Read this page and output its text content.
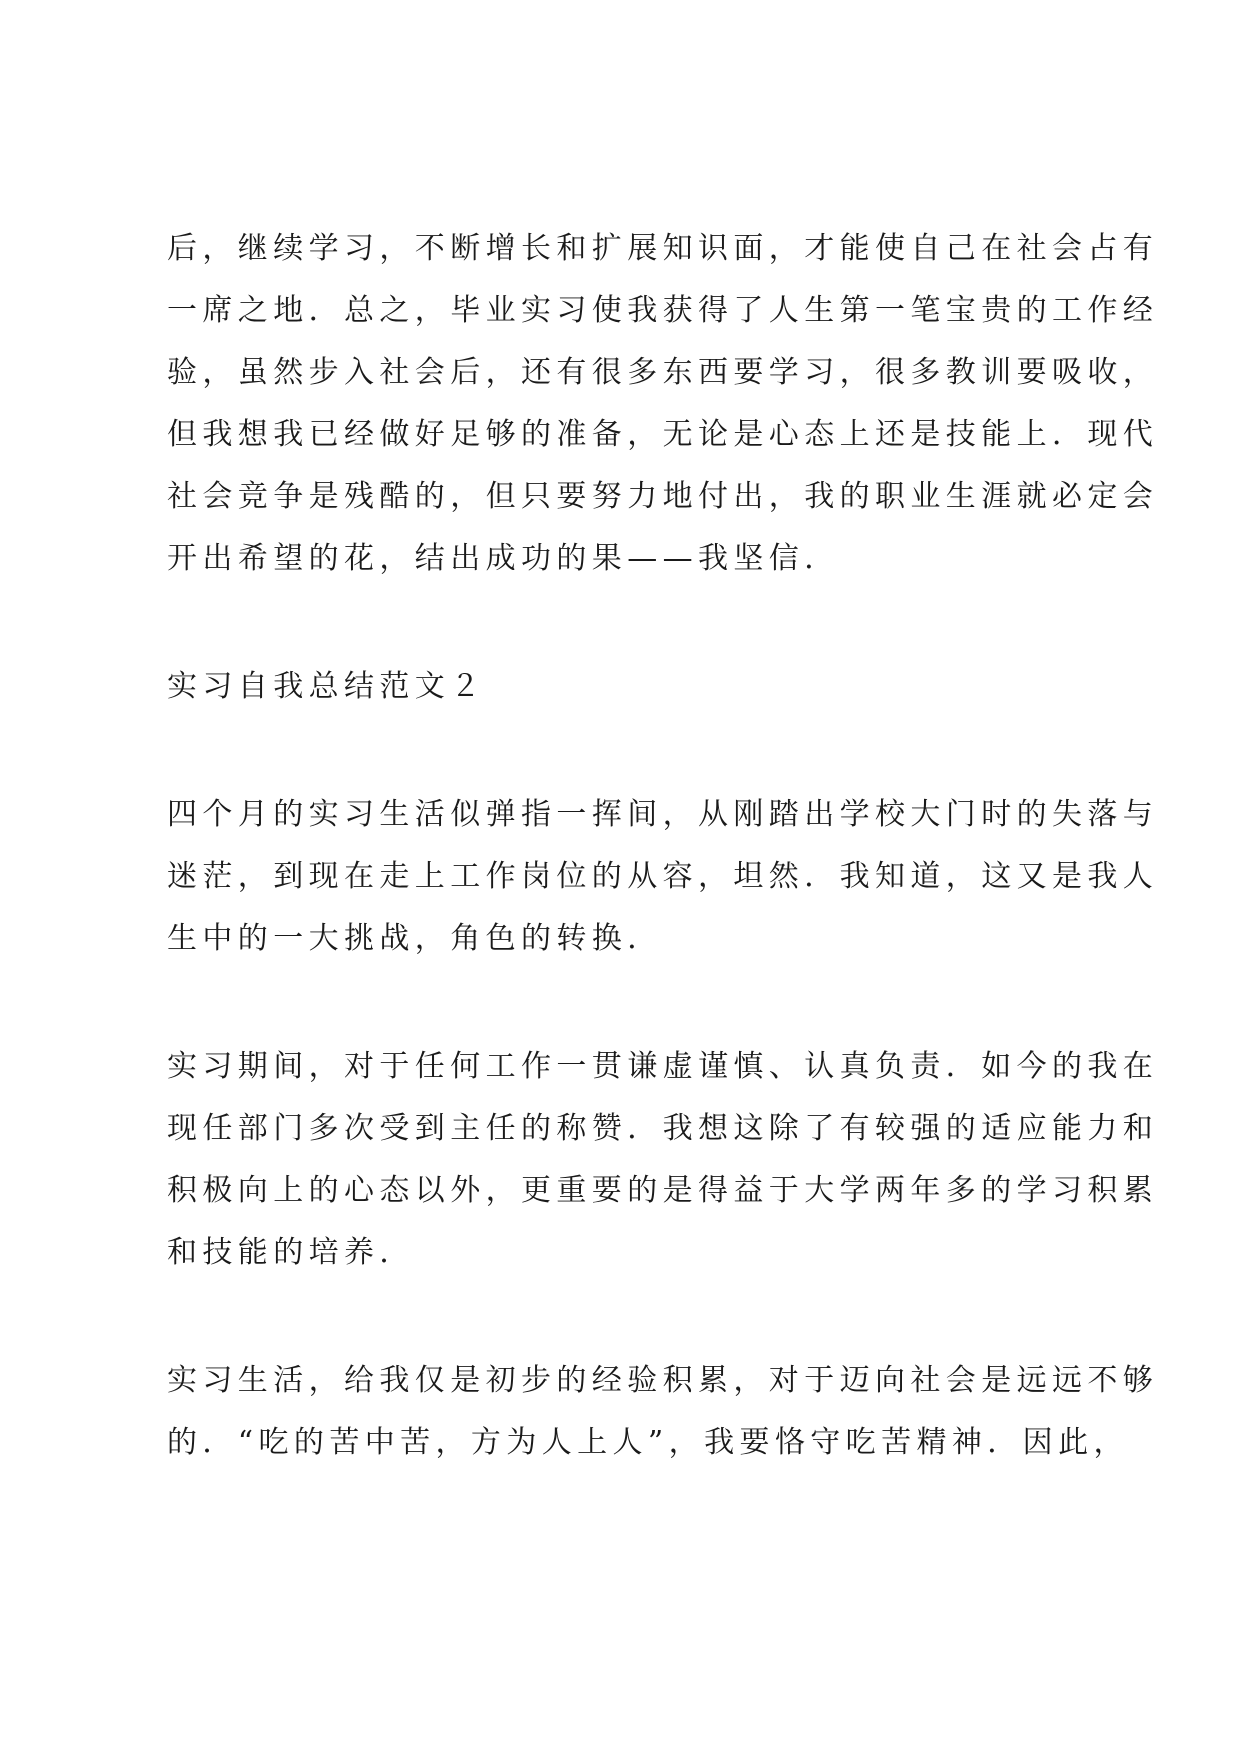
后，继续学习，不断增长和扩展知识面，才能使自己在社会占有
一席之地．总之，毕业实习使我获得了人生第一笔宝贵的工作经
验，虽然步入社会后，还有很多东西要学习，很多教训要吸收，
但我想我已经做好足够的准备，无论是心态上还是技能上．现代
社会竞争是残酷的，但只要努力地付出，我的职业生涯就必定会
开出希望的花，结出成功的果——我坚信．
实习自我总结范文２
四个月的实习生活似弹指一挥间，从刚踏出学校大门时的失落与
迷茫，到现在走上工作岗位的从容，坦然．我知道，这又是我人
生中的一大挑战，角色的转换．
实习期间，对于任何工作一贯谦虚谨慎、认真负责．如今的我在
现任部门多次受到主任的称赞．我想这除了有较强的适应能力和
积极向上的心态以外，更重要的是得益于大学两年多的学习积累
和技能的培养．
实习生活，给我仅是初步的经验积累，对于迈向社会是远远不够
的．“吃的苦中苦，方为人上人”，我要恪守吃苦精神．因此，
